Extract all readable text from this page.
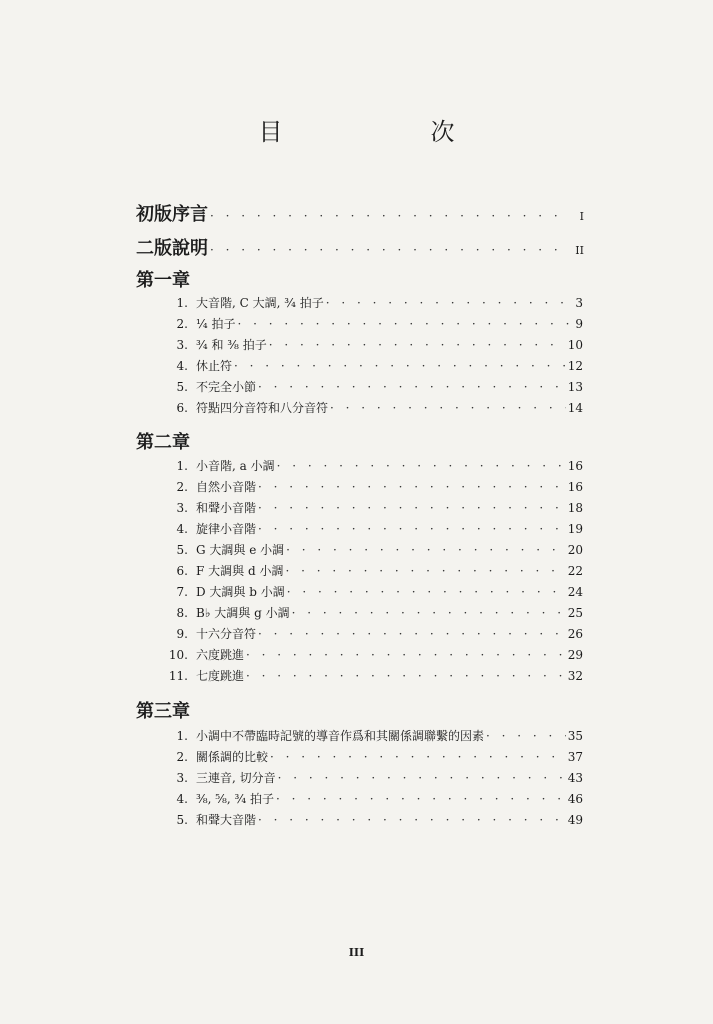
目　次
初版序言 · · ·	I
二版說明 · · ·	II
第一章
1. 大音階, C 大調, ¾ 拍子 · · ·	3
2. ¼ 拍子 · · ·	9
3. ¾ 和 ⅜ 拍子 · · ·	10
4. 休止符 · · ·	12
5. 不完全小節 · · ·	13
6. 符點四分音符和八分音符 · · ·	14
第二章
1. 小音階, a 小調 · · ·	16
2. 自然小音階 · · ·	16
3. 和聲小音階 · · ·	18
4. 旋律小音階 · · ·	19
5. G 大調與 e 小調 · · ·	20
6. F 大調與 d 小調 · · ·	22
7. D 大調與 b 小調 · · ·	24
8. B♭ 大調與 g 小調 · · ·	25
9. 十六分音符 · · ·	26
10. 六度跳進 · · ·	29
11. 七度跳進 · · ·	32
第三章
1. 小調中不帶臨時記號的導音作爲和其關係調聯繫的因素 · · ·	35
2. 關係調的比較 · · ·	37
3. 三連音, 切分音 · · ·	43
4. ⅜, ⅝, ¾ 拍子 · · ·	46
5. 和聲大音階 · · ·	49
III
